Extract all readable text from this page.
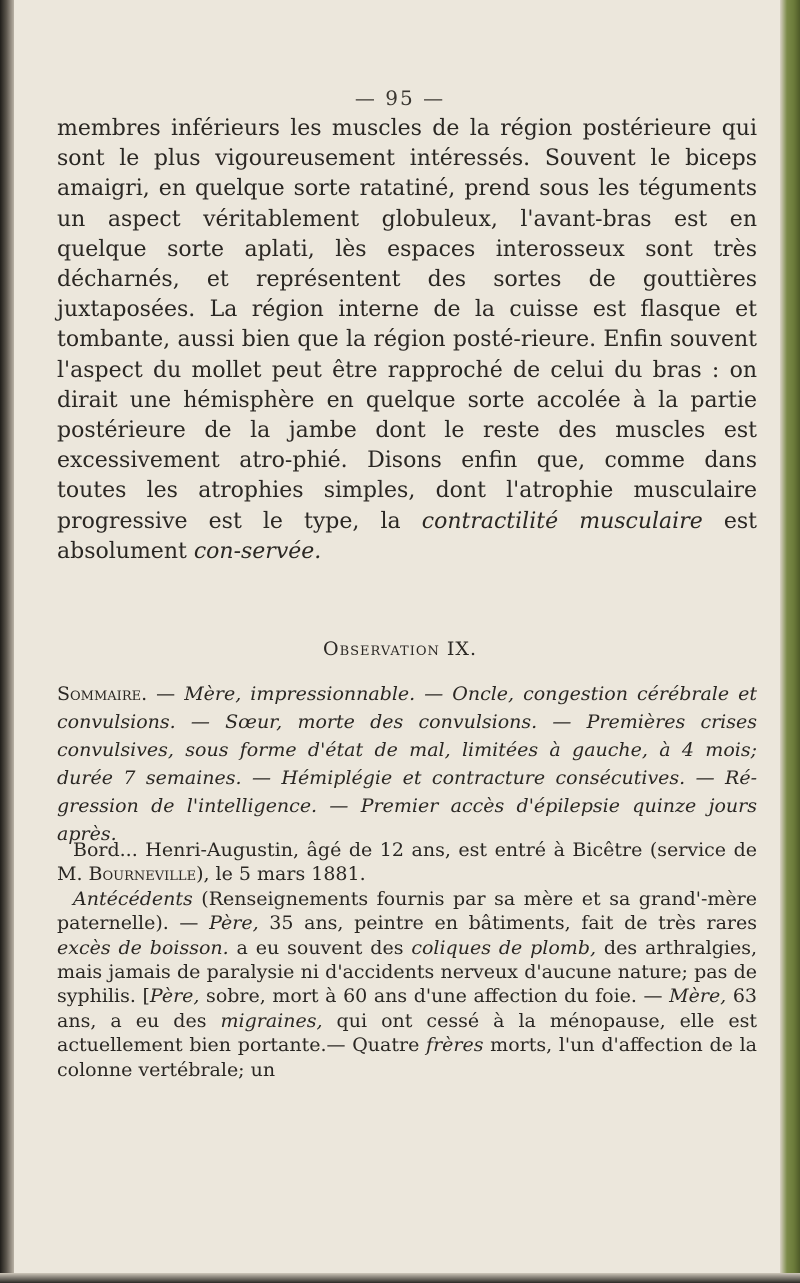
— 95 —

membres inférieurs les muscles de la région postérieure qui sont le plus vigoureusement intéressés. Souvent le biceps amaigri, en quelque sorte ratatiné, prend sous les téguments un aspect véritablement globuleux, l'avant-bras est en quelque sorte aplati, lès espaces interosseux sont très décharnés, et représentent des sortes de gouttières juxtaposées. La région interne de la cuisse est flasque et tombante, aussi bien que la région posté-rieure. Enfin souvent l'aspect du mollet peut être rapproché de celui du bras : on dirait une hémisphère en quelque sorte accolée à la partie postérieure de la jambe dont le reste des muscles est excessivement atro-phié. Disons enfin que, comme dans toutes les atrophies simples, dont l'atrophie musculaire progressive est le type, la contractilité musculaire est absolument con-servée.

Observation IX.

Sommaire. — Mère, impressionnable. — Oncle, congestion cérébrale et convulsions. — Sœur, morte des convulsions. — Premières crises convulsives, sous forme d'état de mal, limitées à gauche, à 4 mois; durée 7 semaines. — Hémiplégie et contracture consécutives. — Ré-gression de l'intelligence. — Premier accès d'épilepsie quinze jours après.

Bord... Henri-Augustin, âgé de 12 ans, est entré à Bicêtre (service de M. Bourneville), le 5 mars 1881.
Antécédents (Renseignements fournis par sa mère et sa grand'-mère paternelle). — Père, 35 ans, peintre en bâtiments, fait de très rares excès de boisson. a eu souvent des coliques de plomb, des arthralgies, mais jamais de paralysie ni d'accidents nerveux d'aucune nature; pas de syphilis. [Père, sobre, mort à 60 ans d'une affection du foie. — Mère, 63 ans, a eu des migraines, qui ont cessé à la ménopause, elle est actuellement bien portante.— Quatre frères morts, l'un d'affection de la colonne vertébrale; un
